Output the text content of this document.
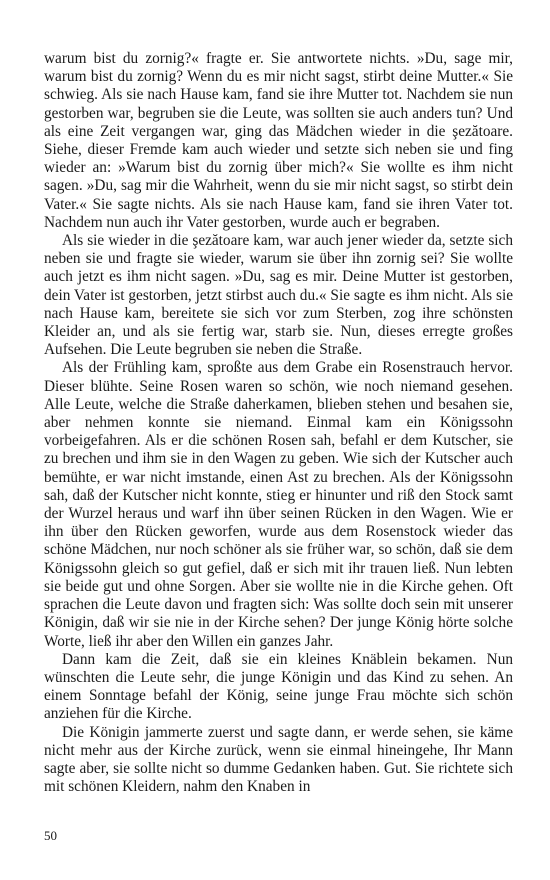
warum bist du zornig?« fragte er. Sie antwortete nichts. »Du, sage mir, warum bist du zornig? Wenn du es mir nicht sagst, stirbt deine Mutter.« Sie schwieg. Als sie nach Hause kam, fand sie ihre Mutter tot. Nachdem sie nun gestorben war, begruben sie die Leute, was sollten sie auch anders tun? Und als eine Zeit vergangen war, ging das Mädchen wieder in die şezătoare. Siehe, dieser Fremde kam auch wieder und setzte sich neben sie und fing wieder an: »Warum bist du zornig über mich?« Sie wollte es ihm nicht sagen. »Du, sag mir die Wahrheit, wenn du sie mir nicht sagst, so stirbt dein Vater.« Sie sagte nichts. Als sie nach Hause kam, fand sie ihren Vater tot. Nachdem nun auch ihr Vater gestorben, wurde auch er begraben.

Als sie wieder in die şezătoare kam, war auch jener wieder da, setzte sich neben sie und fragte sie wieder, warum sie über ihn zornig sei? Sie wollte auch jetzt es ihm nicht sagen. »Du, sag es mir. Deine Mutter ist gestorben, dein Vater ist gestorben, jetzt stirbst auch du.« Sie sagte es ihm nicht. Als sie nach Hause kam, bereitete sie sich vor zum Sterben, zog ihre schönsten Kleider an, und als sie fertig war, starb sie. Nun, dieses erregte großes Aufsehen. Die Leute begruben sie neben die Straße.

Als der Frühling kam, sproßte aus dem Grabe ein Rosenstrauch hervor. Dieser blühte. Seine Rosen waren so schön, wie noch niemand gesehen. Alle Leute, welche die Straße daherkamen, blieben stehen und besahen sie, aber nehmen konnte sie niemand. Einmal kam ein Königssohn vorbeigefahren. Als er die schönen Rosen sah, befahl er dem Kutscher, sie zu brechen und ihm sie in den Wagen zu geben. Wie sich der Kutscher auch bemühte, er war nicht imstande, einen Ast zu brechen. Als der Königssohn sah, daß der Kutscher nicht konnte, stieg er hinunter und riß den Stock samt der Wurzel heraus und warf ihn über seinen Rücken in den Wagen. Wie er ihn über den Rücken geworfen, wurde aus dem Rosenstock wieder das schöne Mädchen, nur noch schöner als sie früher war, so schön, daß sie dem Königssohn gleich so gut gefiel, daß er sich mit ihr trauen ließ. Nun lebten sie beide gut und ohne Sorgen. Aber sie wollte nie in die Kirche gehen. Oft sprachen die Leute davon und fragten sich: Was sollte doch sein mit unserer Königin, daß wir sie nie in der Kirche sehen? Der junge König hörte solche Worte, ließ ihr aber den Willen ein ganzes Jahr.

Dann kam die Zeit, daß sie ein kleines Knäblein bekamen. Nun wünschten die Leute sehr, die junge Königin und das Kind zu sehen. An einem Sonntage befahl der König, seine junge Frau möchte sich schön anziehen für die Kirche.

Die Königin jammerte zuerst und sagte dann, er werde sehen, sie käme nicht mehr aus der Kirche zurück, wenn sie einmal hineingehe, Ihr Mann sagte aber, sie sollte nicht so dumme Gedanken haben. Gut. Sie richtete sich mit schönen Kleidern, nahm den Knaben in

50
